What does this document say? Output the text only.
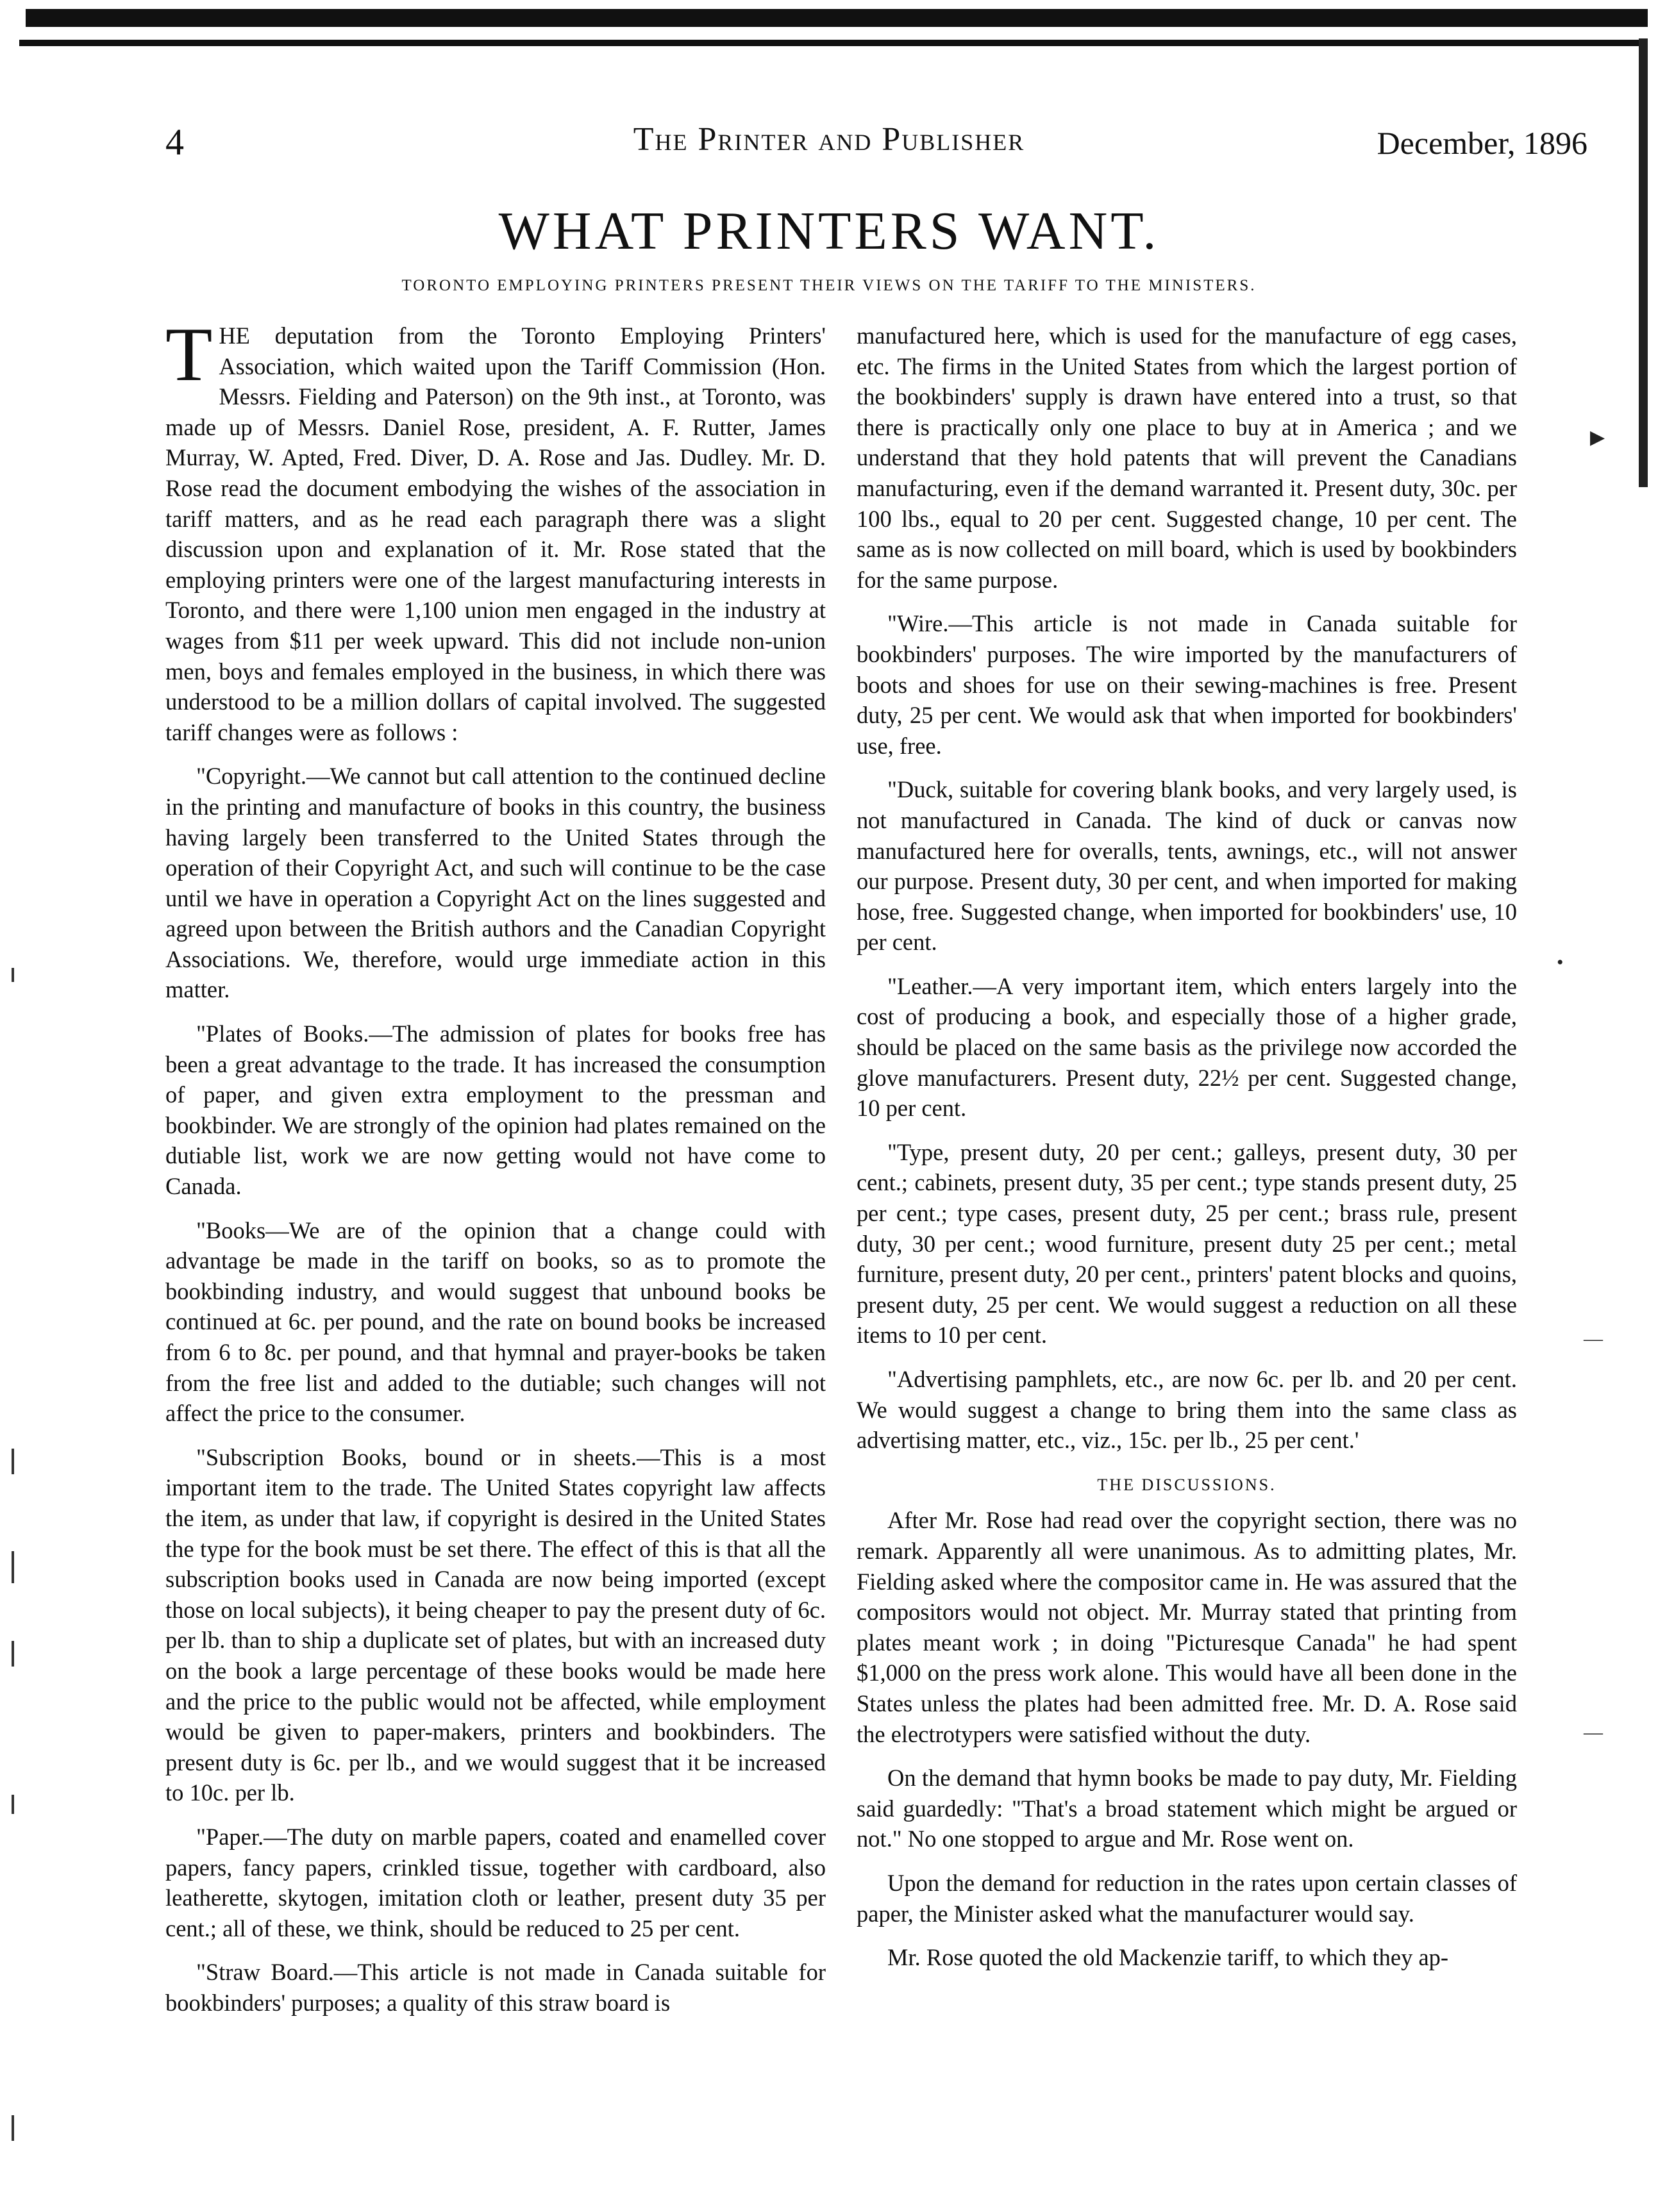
4	The Printer and Publisher	December, 1896
WHAT PRINTERS WANT.
TORONTO EMPLOYING PRINTERS PRESENT THEIR VIEWS ON THE TARIFF TO THE MINISTERS.

THE deputation from the Toronto Employing Printers' Association, which waited upon the Tariff Commission (Hon. Messrs. Fielding and Paterson) on the 9th inst., at Toronto, was made up of Messrs. Daniel Rose, president, A. F. Rutter, James Murray, W. Apted, Fred. Diver, D. A. Rose and Jas. Dudley. Mr. D. Rose read the document embodying the wishes of the association in tariff matters, and as he read each paragraph there was a slight discussion upon and explanation of it. Mr. Rose stated that the employing printers were one of the largest manufacturing interests in Toronto, and there were 1,100 union men engaged in the industry at wages from $11 per week upward. This did not include non-union men, boys and females employed in the business, in which there was understood to be a million dollars of capital involved. The suggested tariff changes were as follows :

"Copyright.—We cannot but call attention to the continued decline in the printing and manufacture of books in this country, the business having largely been transferred to the United States through the operation of their Copyright Act, and such will continue to be the case until we have in operation a Copyright Act on the lines suggested and agreed upon between the British authors and the Canadian Copyright Associations. We, therefore, would urge immediate action in this matter.

"Plates of Books.—The admission of plates for books free has been a great advantage to the trade. It has increased the consumption of paper, and given extra employment to the pressman and bookbinder. We are strongly of the opinion had plates remained on the dutiable list, work we are now getting would not have come to Canada.

"Books—We are of the opinion that a change could with advantage be made in the tariff on books, so as to promote the bookbinding industry, and would suggest that unbound books be continued at 6c. per pound, and the rate on bound books be increased from 6 to 8c. per pound, and that hymnal and prayer-books be taken from the free list and added to the dutiable; such changes will not affect the price to the consumer.

"Subscription Books, bound or in sheets.—This is a most important item to the trade. The United States copyright law affects the item, as under that law, if copyright is desired in the United States the type for the book must be set there. The effect of this is that all the subscription books used in Canada are now being imported (except those on local subjects), it being cheaper to pay the present duty of 6c. per lb. than to ship a duplicate set of plates, but with an increased duty on the book a large percentage of these books would be made here and the price to the public would not be affected, while employment would be given to paper-makers, printers and bookbinders. The present duty is 6c. per lb., and we would suggest that it be increased to 10c. per lb.

"Paper.—The duty on marble papers, coated and enamelled cover papers, fancy papers, crinkled tissue, together with cardboard, also leatherette, skytogen, imitation cloth or leather, present duty 35 per cent.; all of these, we think, should be reduced to 25 per cent.

"Straw Board.—This article is not made in Canada suitable for bookbinders' purposes; a quality of this straw board is

manufactured here, which is used for the manufacture of egg cases, etc. The firms in the United States from which the largest portion of the bookbinders' supply is drawn have entered into a trust, so that there is practically only one place to buy at in America ; and we understand that they hold patents that will prevent the Canadians manufacturing, even if the demand warranted it. Present duty, 30c. per 100 lbs., equal to 20 per cent. Suggested change, 10 per cent. The same as is now collected on mill board, which is used by bookbinders for the same purpose.

"Wire.—This article is not made in Canada suitable for bookbinders' purposes. The wire imported by the manufacturers of boots and shoes for use on their sewing-machines is free. Present duty, 25 per cent. We would ask that when imported for bookbinders' use, free.

"Duck, suitable for covering blank books, and very largely used, is not manufactured in Canada. The kind of duck or canvas now manufactured here for overalls, tents, awnings, etc., will not answer our purpose. Present duty, 30 per cent, and when imported for making hose, free. Suggested change, when imported for bookbinders' use, 10 per cent.

"Leather.—A very important item, which enters largely into the cost of producing a book, and especially those of a higher grade, should be placed on the same basis as the privilege now accorded the glove manufacturers. Present duty, 22½ per cent. Suggested change, 10 per cent.

"Type, present duty, 20 per cent.; galleys, present duty, 30 per cent.; cabinets, present duty, 35 per cent.; type stands present duty, 25 per cent.; type cases, present duty, 25 per cent.; brass rule, present duty, 30 per cent.; wood furniture, present duty 25 per cent.; metal furniture, present duty, 20 per cent., printers' patent blocks and quoins, present duty, 25 per cent. We would suggest a reduction on all these items to 10 per cent.

"Advertising pamphlets, etc., are now 6c. per lb. and 20 per cent. We would suggest a change to bring them into the same class as advertising matter, etc., viz., 15c. per lb., 25 per cent.'

THE DISCUSSIONS.

After Mr. Rose had read over the copyright section, there was no remark. Apparently all were unanimous. As to admitting plates, Mr. Fielding asked where the compositor came in. He was assured that the compositors would not object. Mr. Murray stated that printing from plates meant work ; in doing "Picturesque Canada" he had spent $1,000 on the press work alone. This would have all been done in the States unless the plates had been admitted free. Mr. D. A. Rose said the electrotypers were satisfied without the duty.

On the demand that hymn books be made to pay duty, Mr. Fielding said guardedly: "That's a broad statement which might be argued or not." No one stopped to argue and Mr. Rose went on.

Upon the demand for reduction in the rates upon certain classes of paper, the Minister asked what the manufacturer would say.

Mr. Rose quoted the old Mackenzie tariff, to which they ap-

▶
•
—
—
